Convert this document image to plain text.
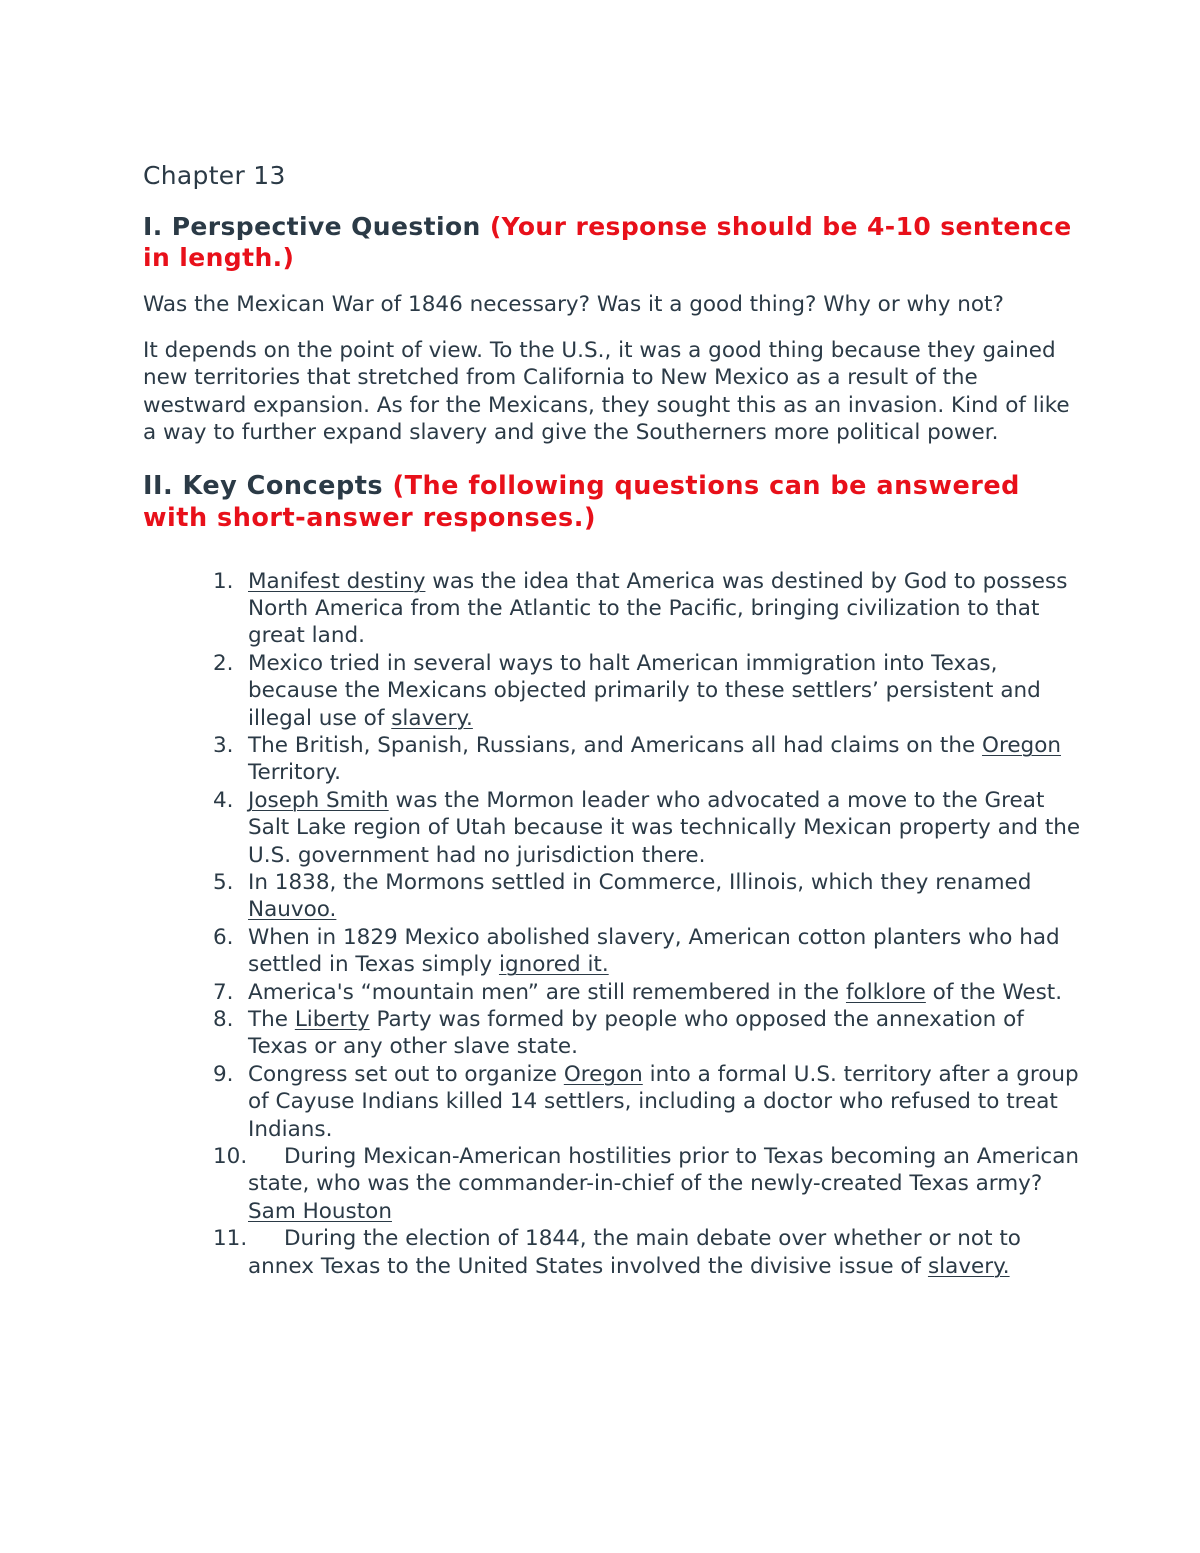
Chapter 13
I. Perspective Question (Your response should be 4-10 sentence in length.)

Was the Mexican War of 1846 necessary? Was it a good thing? Why or why not?

It depends on the point of view. To the U.S., it was a good thing because they gained new territories that stretched from California to New Mexico as a result of the westward expansion. As for the Mexicans, they sought this as an invasion. Kind of like a way to further expand slavery and give the Southerners more political power.

II. Key Concepts (The following questions can be answered with short-answer responses.)
1. Manifest destiny was the idea that America was destined by God to possess North America from the Atlantic to the Pacific, bringing civilization to that great land.
2. Mexico tried in several ways to halt American immigration into Texas, because the Mexicans objected primarily to these settlers’ persistent and illegal use of slavery.
3. The British, Spanish, Russians, and Americans all had claims on the Oregon Territory.
4. Joseph Smith was the Mormon leader who advocated a move to the Great Salt Lake region of Utah because it was technically Mexican property and the U.S. government had no jurisdiction there.
5. In 1838, the Mormons settled in Commerce, Illinois, which they renamed Nauvoo.
6. When in 1829 Mexico abolished slavery, American cotton planters who had settled in Texas simply ignored it.
7. America's “mountain men” are still remembered in the folklore of the West.
8. The Liberty Party was formed by people who opposed the annexation of Texas or any other slave state.
9. Congress set out to organize Oregon into a formal U.S. territory after a group of Cayuse Indians killed 14 settlers, including a doctor who refused to treat Indians.
10. During Mexican-American hostilities prior to Texas becoming an American state, who was the commander-in-chief of the newly-created Texas army? Sam Houston
11. During the election of 1844, the main debate over whether or not to annex Texas to the United States involved the divisive issue of slavery.
